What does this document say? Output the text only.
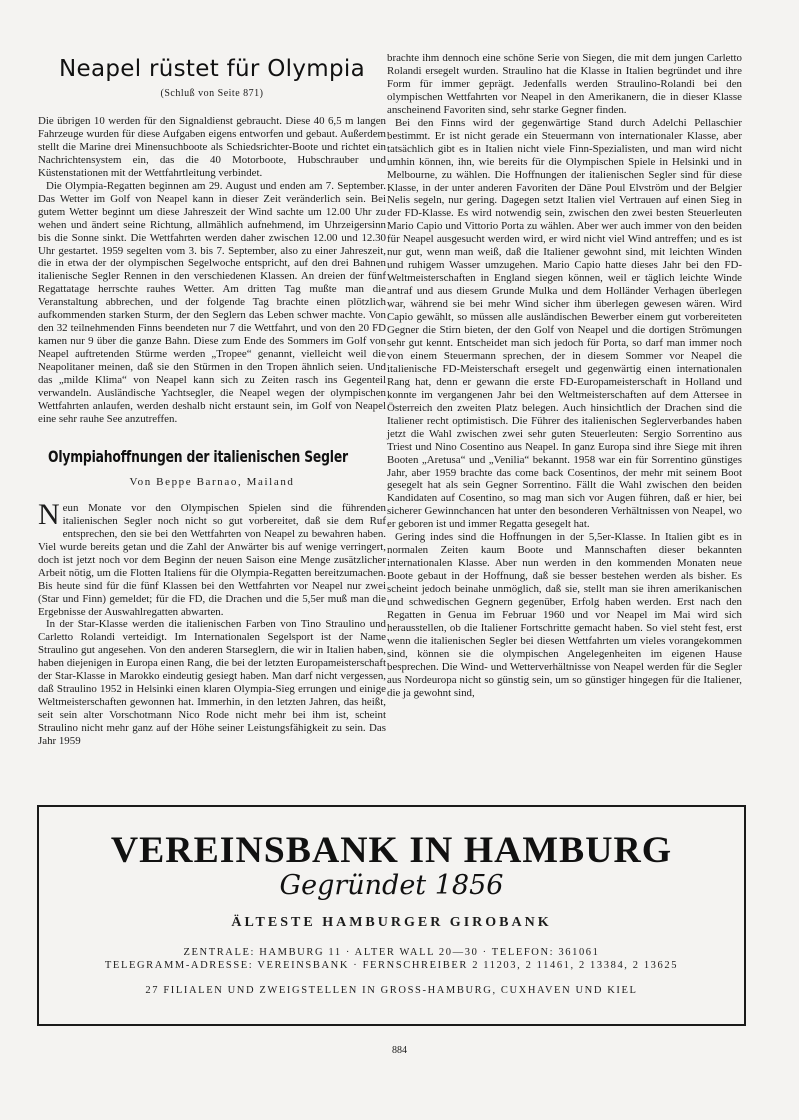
Neapel rüstet für Olympia
(Schluß von Seite 871)

Die übrigen 10 werden für den Signaldienst gebraucht. Diese 40 6,5 m langen Fahrzeuge wurden für diese Aufgaben eigens entworfen und gebaut. Außerdem stellt die Marine drei Minensuchboote als Schiedsrichter-Boote und richtet ein Nachrichtensystem ein, das die 40 Motorboote, Hubschrauber und Küstenstationen mit der Wettfahrtleitung verbindet.

Die Olympia-Regatten beginnen am 29. August und enden am 7. September. Das Wetter im Golf von Neapel kann in dieser Zeit veränderlich sein. Bei gutem Wetter beginnt um diese Jahreszeit der Wind sachte um 12.00 Uhr zu wehen und ändert seine Richtung, allmählich aufnehmend, im Uhrzeigersinn bis die Sonne sinkt. Die Wettfahrten werden daher zwischen 12.00 und 12.30 Uhr gestartet. 1959 segelten vom 3. bis 7. September, also zu einer Jahreszeit, die in etwa der der olympischen Segelwoche entspricht, auf den drei Bahnen italienische Segler Rennen in den verschiedenen Klassen. An dreien der fünf Regattatage herrschte rauhes Wetter. Am dritten Tag mußte man die Veranstaltung abbrechen, und der folgende Tag brachte einen plötzlich aufkommenden starken Sturm, der den Seglern das Leben schwer machte. Von den 32 teilnehmenden Finns beendeten nur 7 die Wettfahrt, und von den 20 FD kamen nur 9 über die ganze Bahn. Diese zum Ende des Sommers im Golf von Neapel auftretenden Stürme werden „Tropee“ genannt, vielleicht weil die Neapolitaner meinen, daß sie den Stürmen in den Tropen ähnlich seien. Und das „milde Klima“ von Neapel kann sich zu Zeiten rasch ins Gegenteil verwandeln. Ausländische Yachtsegler, die Neapel wegen der olympischen Wettfahrten anlaufen, werden deshalb nicht erstaunt sein, im Golf von Neapel eine sehr rauhe See anzutreffen.

Olympiahoffnungen der italienischen Segler
Von Beppe Barnao, Mailand

Neun Monate vor den Olympischen Spielen sind die führenden italienischen Segler noch nicht so gut vorbereitet, daß sie dem Ruf entsprechen, den sie bei den Wettfahrten von Neapel zu bewahren haben. Viel wurde bereits getan und die Zahl der Anwärter bis auf wenige verringert, doch ist jetzt noch vor dem Beginn der neuen Saison eine Menge zusätzlicher Arbeit nötig, um die Flotten Italiens für die Olympia-Regatten bereitzumachen. Bis heute sind für die fünf Klassen bei den Wettfahrten vor Neapel nur zwei (Star und Finn) gemeldet; für die FD, die Drachen und die 5,5er muß man die Ergebnisse der Auswahlregatten abwarten.

In der Star-Klasse werden die italienischen Farben von Tino Straulino und Carletto Rolandi verteidigt. Im Internationalen Segelsport ist der Name Straulino gut angesehen. Von den anderen Starseglern, die wir in Italien haben, haben diejenigen in Europa einen Rang, die bei der letzten Europameisterschaft der Star-Klasse in Marokko eindeutig gesiegt haben. Man darf nicht vergessen, daß Straulino 1952 in Helsinki einen klaren Olympia-Sieg errungen und einige Weltmeisterschaften gewonnen hat. Immerhin, in den letzten Jahren, das heißt, seit sein alter Vorschotmann Nico Rode nicht mehr bei ihm ist, scheint Straulino nicht mehr ganz auf der Höhe seiner Leistungsfähigkeit zu sein. Das Jahr 1959

brachte ihm dennoch eine schöne Serie von Siegen, die mit dem jungen Carletto Rolandi ersegelt wurden. Straulino hat die Klasse in Italien begründet und ihre Form für immer geprägt. Jedenfalls werden Straulino-Rolandi bei den olympischen Wettfahrten vor Neapel in den Amerikanern, die in dieser Klasse anscheinend Favoriten sind, sehr starke Gegner finden.

Bei den Finns wird der gegenwärtige Stand durch Adelchi Pellaschier bestimmt. Er ist nicht gerade ein Steuermann von internationaler Klasse, aber tatsächlich gibt es in Italien nicht viele Finn-Spezialisten, und man wird nicht umhin können, ihn, wie bereits für die Olympischen Spiele in Helsinki und in Melbourne, zu wählen. Die Hoffnungen der italienischen Segler sind für diese Klasse, in der unter anderen Favoriten der Däne Poul Elvström und der Belgier Nelis segeln, nur gering. Dagegen setzt Italien viel Vertrauen auf einen Sieg in der FD-Klasse. Es wird notwendig sein, zwischen den zwei besten Steuerleuten Mario Capio und Vittorio Porta zu wählen. Aber wer auch immer von den beiden für Neapel ausgesucht werden wird, er wird nicht viel Wind antreffen; und es ist nur gut, wenn man weiß, daß die Italiener gewohnt sind, mit leichten Winden und ruhigem Wasser umzugehen. Mario Capio hatte dieses Jahr bei den FD-Weltmeisterschaften in England siegen können, weil er täglich leichte Winde antraf und aus diesem Grunde Mulka und dem Holländer Verhagen überlegen war, während sie bei mehr Wind sicher ihm überlegen gewesen wären. Wird Capio gewählt, so müssen alle ausländischen Bewerber einem gut vorbereiteten Gegner die Stirn bieten, der den Golf von Neapel und die dortigen Strömungen sehr gut kennt. Entscheidet man sich jedoch für Porta, so darf man immer noch von einem Steuermann sprechen, der in diesem Sommer vor Neapel die italienische FD-Meisterschaft ersegelt und gegenwärtig einen internationalen Rang hat, denn er gewann die erste FD-Europameisterschaft in Holland und konnte im vergangenen Jahr bei den Weltmeisterschaften auf dem Attersee in Österreich den zweiten Platz belegen. Auch hinsichtlich der Drachen sind die Italiener recht optimistisch. Die Führer des italienischen Seglerverbandes haben jetzt die Wahl zwischen zwei sehr guten Steuerleuten: Sergio Sorrentino aus Triest und Nino Cosentino aus Neapel. In ganz Europa sind ihre Siege mit ihren Booten „Aretusa“ und „Venilia“ bekannt. 1958 war ein für Sorrentino günstiges Jahr, aber 1959 brachte das come back Cosentinos, der mehr mit seinem Boot gesegelt hat als sein Gegner Sorrentino. Fällt die Wahl zwischen den beiden Kandidaten auf Cosentino, so mag man sich vor Augen führen, daß er hier, bei sicherer Gewinnchancen hat unter den besonderen Verhältnissen von Neapel, wo er geboren ist und immer Regatta gesegelt hat.

Gering indes sind die Hoffnungen in der 5,5er-Klasse. In Italien gibt es in normalen Zeiten kaum Boote und Mannschaften dieser bekannten internationalen Klasse. Aber nun werden in den kommenden Monaten neue Boote gebaut in der Hoffnung, daß sie besser bestehen werden als bisher. Es scheint jedoch beinahe unmöglich, daß sie, stellt man sie ihren amerikanischen und schwedischen Gegnern gegenüber, Erfolg haben werden. Erst nach den Regatten in Genua im Februar 1960 und vor Neapel im Mai wird sich herausstellen, ob die Italiener Fortschritte gemacht haben. So viel steht fest, erst wenn die italienischen Segler bei diesen Wettfahrten um vieles vorangekommen sind, können sie die olympischen Angelegenheiten im eigenen Hause besprechen. Die Wind- und Wetterverhältnisse von Neapel werden für die Segler aus Nordeuropa nicht so günstig sein, um so günstiger hingegen für die Italiener, die ja gewohnt sind,

VEREINSBANK IN HAMBURG
Gegründet 1856
ÄLTESTE HAMBURGER GIROBANK
ZENTRALE: HAMBURG 11 · ALTER WALL 20—30 · TELEFON: 361061
TELEGRAMM-ADRESSE: VEREINSBANK · FERNSCHREIBER 2 11203, 2 11461, 2 13384, 2 13625
27 FILIALEN UND ZWEIGSTELLEN IN GROSS-HAMBURG, CUXHAVEN UND KIEL
884
